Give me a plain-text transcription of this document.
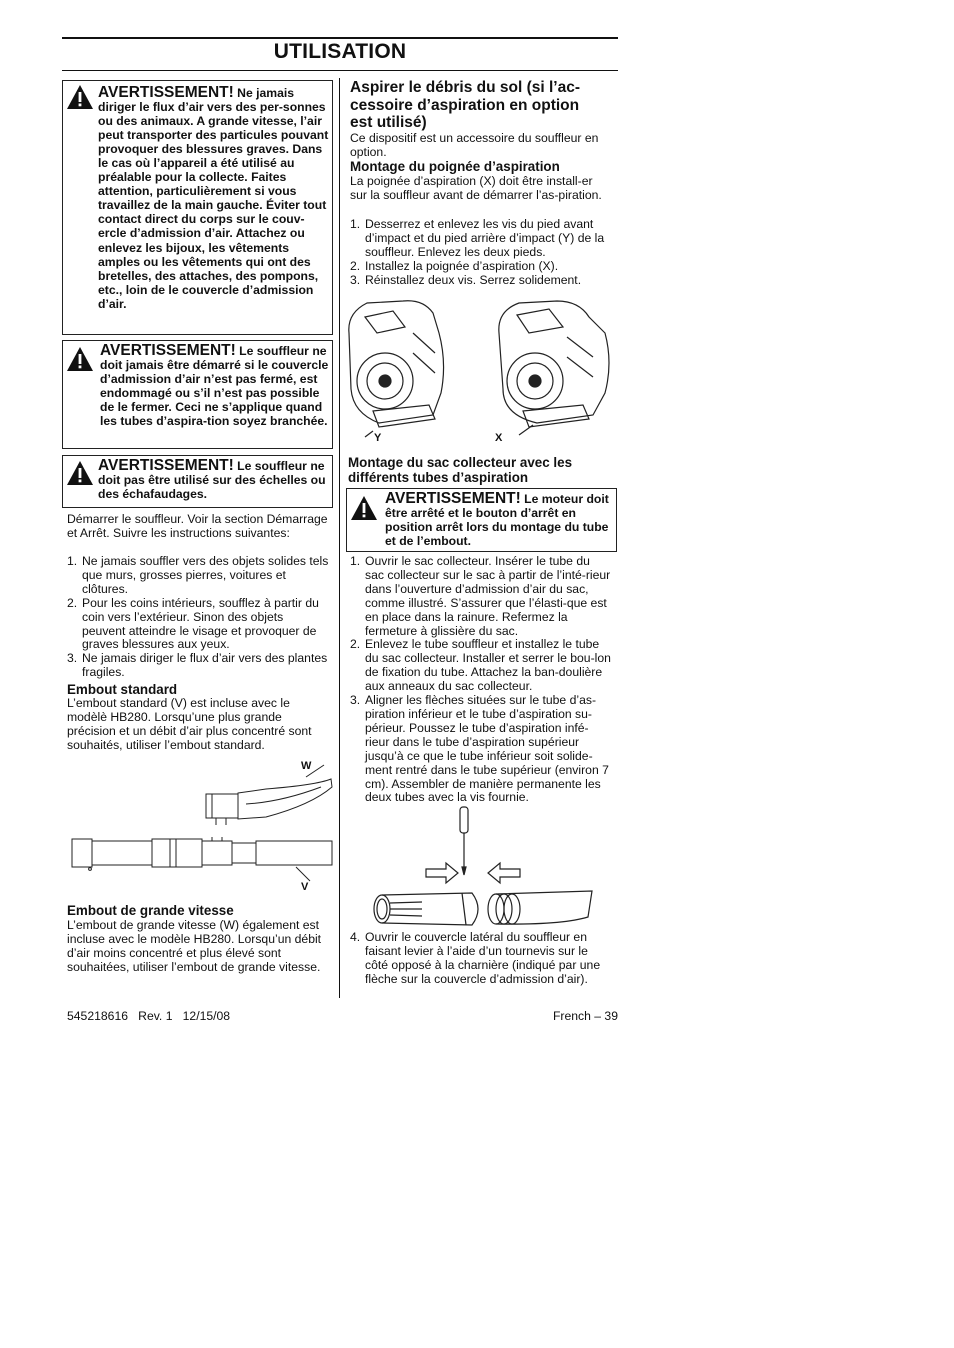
UTILISATION
AVERTISSEMENT! Ne jamais diriger le flux d’air vers des per-sonnes ou des animaux. A grande vitesse, l’air peut transporter des particules pouvant provoquer des blessures graves. Dans le cas où l’appareil a été utilisé au préalable pour la collecte. Faites attention, particulièrement si vous travaillez de la main gauche. Éviter tout contact direct du corps sur le couv-ercle d’admission d’air. Attachez ou enlevez les bijoux, les vêtements amples ou les vêtements qui ont des bretelles, des attaches, des pompons, etc., loin de le couvercle d’admission d’air.
AVERTISSEMENT! Le souffleur ne doit jamais être démarré si le couvercle d’admission d’air n’est pas fermé, est endommagé ou s’il n’est pas possible de le fermer. Ceci ne s’applique quand les tubes d’aspira-tion soyez branchée.
AVERTISSEMENT! Le souffleur ne doit pas être utilisé sur des échelles ou des échafaudages.
Démarrer le souffleur. Voir la section Démarrage et Arrêt. Suivre les instructions suivantes:
1. Ne jamais souffler vers des objets solides tels que murs, grosses pierres, voitures et clôtures.
2. Pour les coins intérieurs, soufflez à partir du coin vers l’extérieur. Sinon des objets peuvent atteindre le visage et provoquer de graves blessures aux yeux.
3. Ne jamais diriger le flux d’air vers des plantes fragiles.
Embout standard
L’embout standard (V) est incluse avec le modèlè HB280. Lorsqu’une plus grande précision et un débit d’air plus concentré sont souhaités, utiliser l’embout standard.
W
V
Embout de grande vitesse
L’embout de grande vitesse (W) également est incluse avec le modèle HB280. Lorsqu’un débit d’air moins concentré et plus élevé sont souhaitées, utiliser l’embout de grande vitesse.
Aspirer le débris du sol (si l’ac-cessoire d’aspiration en option est utilisé)
Ce dispositif est un accessoire du souffleur en option.
Montage du poignée d’aspiration
La poignée d’aspiration (X) doit être install-er sur la souffleur avant de démarrer l’as-piration.
1. Desserrez et enlevez les vis du pied avant d’impact et du pied arrière d’impact (Y) de la souffleur. Enlevez les deux pieds.
2. Installez la poignée d’aspiration (X).
3. Réinstallez deux vis. Serrez solidement.
Y	X
Montage du sac collecteur avec les différents tubes d’aspiration
AVERTISSEMENT! Le moteur doit être arrêté et le bouton d’arrêt en position arrêt lors du montage du tube et de l’embout.
1. Ouvrir le sac collecteur. Insérer le tube du sac collecteur sur le sac à partir de l’inté-rieur dans l’ouverture d’admission d’air du sac, comme illustré. S’assurer que l’élasti-que est en place dans la rainure. Refermez la fermeture à glissière du sac.
2. Enlevez le tube souffleur et installez le tube du sac collecteur. Installer et serrer le bou-lon de fixation du tube. Attachez la ban-doulière aux anneaux du sac collecteur.
3. Aligner les flèches situées sur le tube d’as-piration inférieur et le tube d’aspiration su-périeur. Poussez le tube d’aspiration infé-rieur dans le tube d’aspiration supérieur jusqu’à ce que le tube inférieur soit solide-ment rentré dans le tube supérieur (environ 7 cm). Assembler de manière permanente les deux tubes avec la vis fournie.
4. Ouvrir le couvercle latéral du souffleur en faisant levier à l’aide d’un tournevis sur le côté opposé à la charnière (indiqué par une flèche sur la couvercle d’admission d’air).
545218616   Rev. 1   12/15/08	French – 39
